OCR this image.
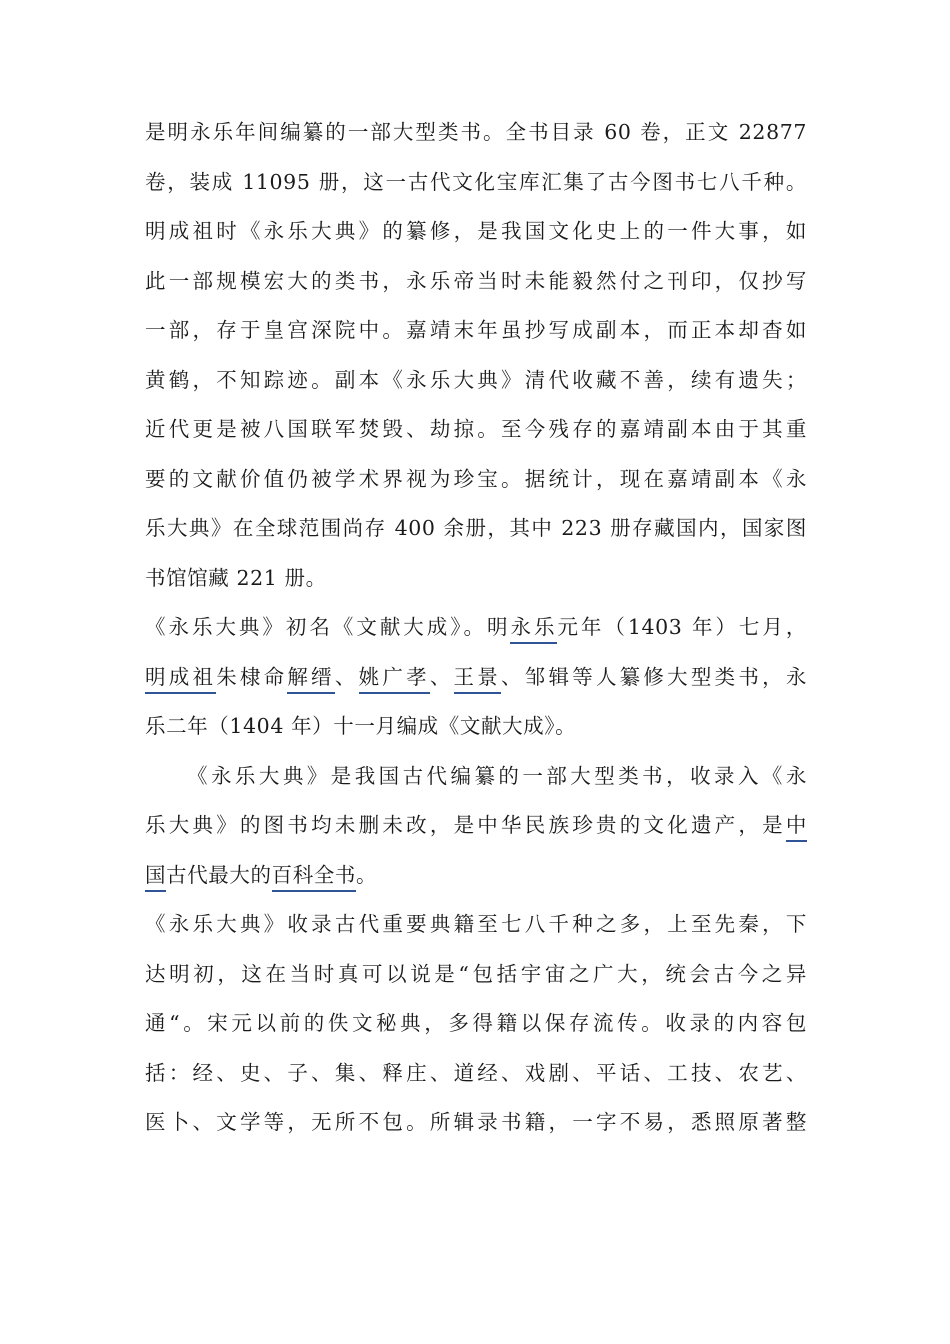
是明永乐年间编纂的一部大型类书。全书目录 60 卷，正文 22877
卷，装成 11095 册，这一古代文化宝库汇集了古今图书七八千种。
明成祖时《永乐大典》的纂修，是我国文化史上的一件大事，如
此一部规模宏大的类书，永乐帝当时未能毅然付之刊印，仅抄写
一部，存于皇宫深院中。嘉靖末年虽抄写成副本，而正本却杳如
黄鹤，不知踪迹。副本《永乐大典》清代收藏不善，续有遗失；
近代更是被八国联军焚毁、劫掠。至今残存的嘉靖副本由于其重
要的文献价值仍被学术界视为珍宝。据统计，现在嘉靖副本《永
乐大典》在全球范围尚存 400 余册，其中 223 册存藏国内，国家图
书馆馆藏 221 册。
《永乐大典》初名《文献大成》。明永乐元年（1403 年）七月，
明成祖朱棣命解缙、姚广孝、王景、邹辑等人纂修大型类书，永
乐二年（1404 年）十一月编成《文献大成》。
《永乐大典》是我国古代编纂的一部大型类书，收录入《永
乐大典》的图书均未删未改，是中华民族珍贵的文化遗产，是中
国古代最大的百科全书。
《永乐大典》收录古代重要典籍至七八千种之多，上至先秦，下
达明初，这在当时真可以说是“包括宇宙之广大，统会古今之异
通“。宋元以前的佚文秘典，多得籍以保存流传。收录的内容包
括：经、史、子、集、释庄、道经、戏剧、平话、工技、农艺、
医卜、文学等，无所不包。所辑录书籍，一字不易，悉照原著整
